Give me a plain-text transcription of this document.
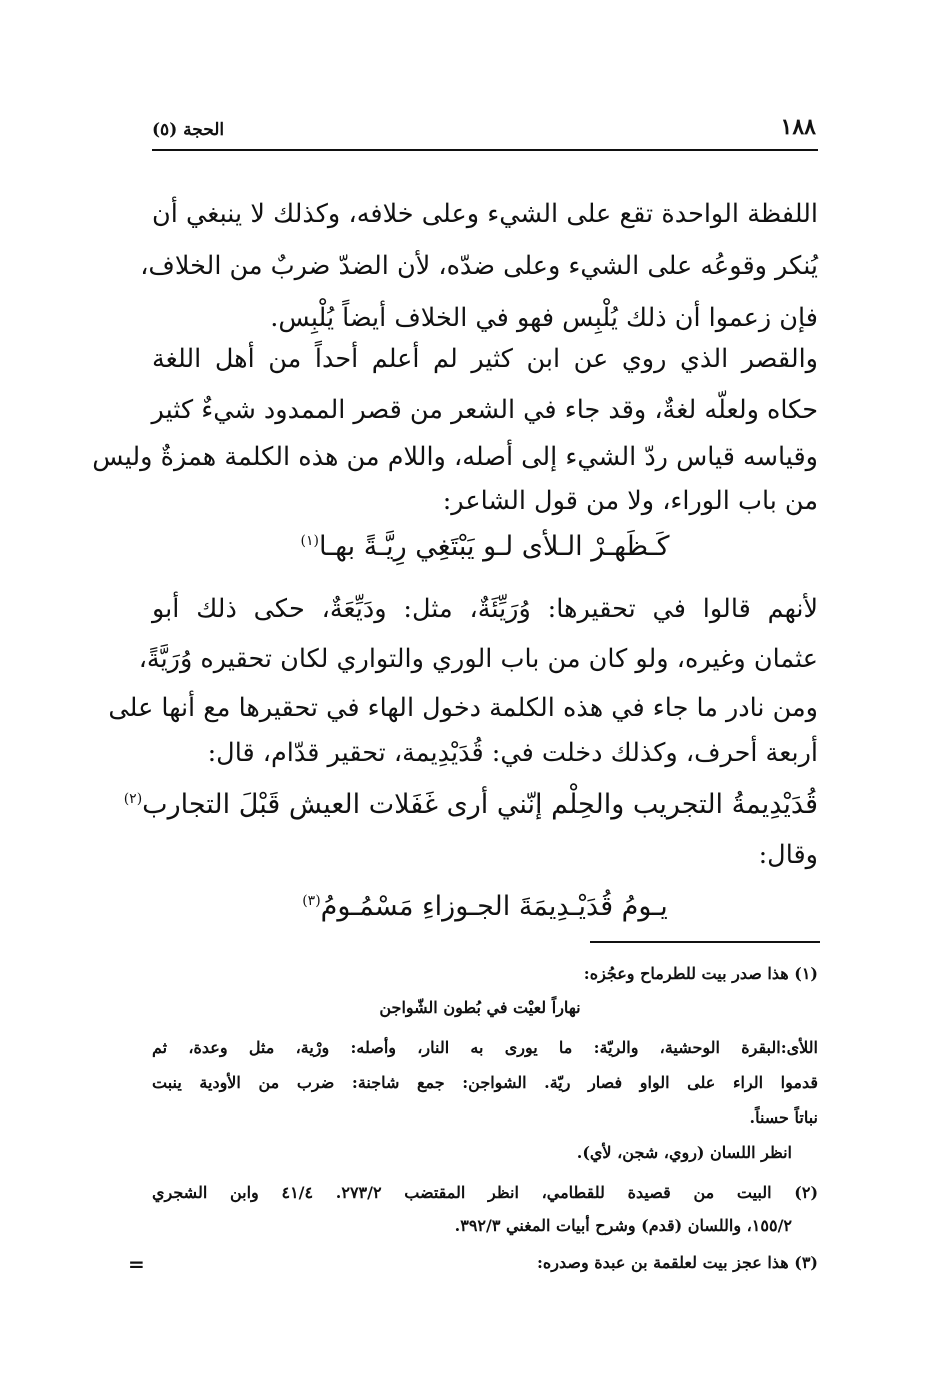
١٨٨
الحجة (٥)
اللفظة الواحدة تقع على الشيء وعلى خلافه، وكذلك لا ينبغي أن
يُنكر وقوعُه على الشيء وعلى ضدّه، لأن الضدّ ضربٌ من الخلاف،
فإن زعموا أن ذلك يُلْبِس فهو في الخلاف أيضاً يُلْبِس.
والقصر الذي روي عن ابن كثير لم أعلم أحداً من أهل اللغة
حكاه ولعلّه لغةٌ، وقد جاء في الشعر من قصر الممدود شيءٌ كثير
وقياسه قياس ردّ الشيء إلى أصله، واللام من هذه الكلمة همزةٌ وليس
من باب الوراء، ولا من قول الشاعر:
كَـظَهـرْ الـلأى لـو يَبْتَغِي رِيَّـةً بهـا$^{(١)}$
لأنهم قالوا في تحقيرها: وُرَيِّئَةٌ، مثل: ودَيِّعَةٌ، حكى ذلك أبو
عثمان وغيره، ولو كان من باب الوري والتواري لكان تحقيره وُرَيَّةً،
ومن نادر ما جاء في هذه الكلمة دخول الهاء في تحقيرها مع أنها على
أربعة أحرف، وكذلك دخلت في: قُدَيْدِيمة، تحقير قدّام، قال:
قُدَيْدِيمةُ التجريب والحِلْم إنّني أرى غَفَلات العيش قَبْلَ التجارب$^{(٢)}$
وقال:
يـومُ قُدَيْـدِيمَةَ الجـوزاءِ مَسْمُـومُ$^{(٣)}$
(١) هذا صدر بيت للطرماح وعجُزه:
نهاراً لعيْت في بُطون الشّواجن
اللأى:البقرة الوحشية، والريّة: ما يورى به النار، وأصله: ورْية، مثل وعدة، ثم
قدموا الراء على الواو فصار ريّة. الشواجن: جمع شاجنة: ضرب من الأودية ينبت
نباتاً حسناً.
انظر اللسان (روي، شجن، لأي).
(٢) البيت من قصيدة للقطامي، انظر المقتضب ٢٧٣/٢. ٤١/٤ وابن الشجري
١٥٥/٢، واللسان (قدم) وشرح أبيات المغني ٣٩٢/٣.
(٣) هذا عجز بيت لعلقمة بن عبدة وصدره:
=
